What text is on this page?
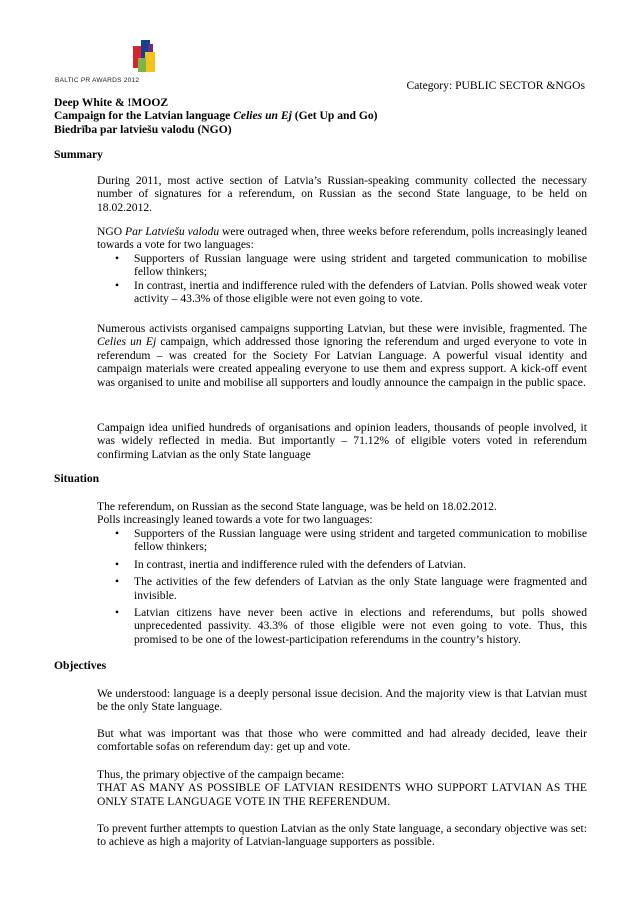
BALTIC PR AWARDS 2012	Category: PUBLIC SECTOR &NGOs
Deep White & !MOOZ
Campaign for the Latvian language Celies un Ej (Get Up and Go)
Biedrība par latviešu valodu (NGO)
Summary
During 2011, most active section of Latvia’s Russian-speaking community collected the necessary number of signatures for a referendum, on Russian as the second State language, to be held on 18.02.2012.
NGO Par Latviešu valodu were outraged when, three weeks before referendum, polls increasingly leaned towards a vote for two languages:
• Supporters of Russian language were using strident and targeted communication to mobilise fellow thinkers;
• In contrast, inertia and indifference ruled with the defenders of Latvian. Polls showed weak voter activity – 43.3% of those eligible were not even going to vote.
Numerous activists organised campaigns supporting Latvian, but these were invisible, fragmented. The Celies un Ej campaign, which addressed those ignoring the referendum and urged everyone to vote in referendum – was created for the Society For Latvian Language. A powerful visual identity and campaign materials were created appealing everyone to use them and express support. A kick-off event was organised to unite and mobilise all supporters and loudly announce the campaign in the public space.
Campaign idea unified hundreds of organisations and opinion leaders, thousands of people involved, it was widely reflected in media. But importantly – 71.12% of eligible voters voted in referendum confirming Latvian as the only State language
Situation
The referendum, on Russian as the second State language, was be held on 18.02.2012.
Polls increasingly leaned towards a vote for two languages:
• Supporters of the Russian language were using strident and targeted communication to mobilise fellow thinkers;
• In contrast, inertia and indifference ruled with the defenders of Latvian.
• The activities of the few defenders of Latvian as the only State language were fragmented and invisible.
• Latvian citizens have never been active in elections and referendums, but polls showed unprecedented passivity. 43.3% of those eligible were not even going to vote. Thus, this promised to be one of the lowest-participation referendums in the country’s history.
Objectives
We understood: language is a deeply personal issue decision. And the majority view is that Latvian must be the only State language.
But what was important was that those who were committed and had already decided, leave their comfortable sofas on referendum day: get up and vote.
Thus, the primary objective of the campaign became:
THAT AS MANY AS POSSIBLE OF LATVIAN RESIDENTS WHO SUPPORT LATVIAN AS THE ONLY STATE LANGUAGE VOTE IN THE REFERENDUM.
To prevent further attempts to question Latvian as the only State language, a secondary objective was set: to achieve as high a majority of Latvian-language supporters as possible.
